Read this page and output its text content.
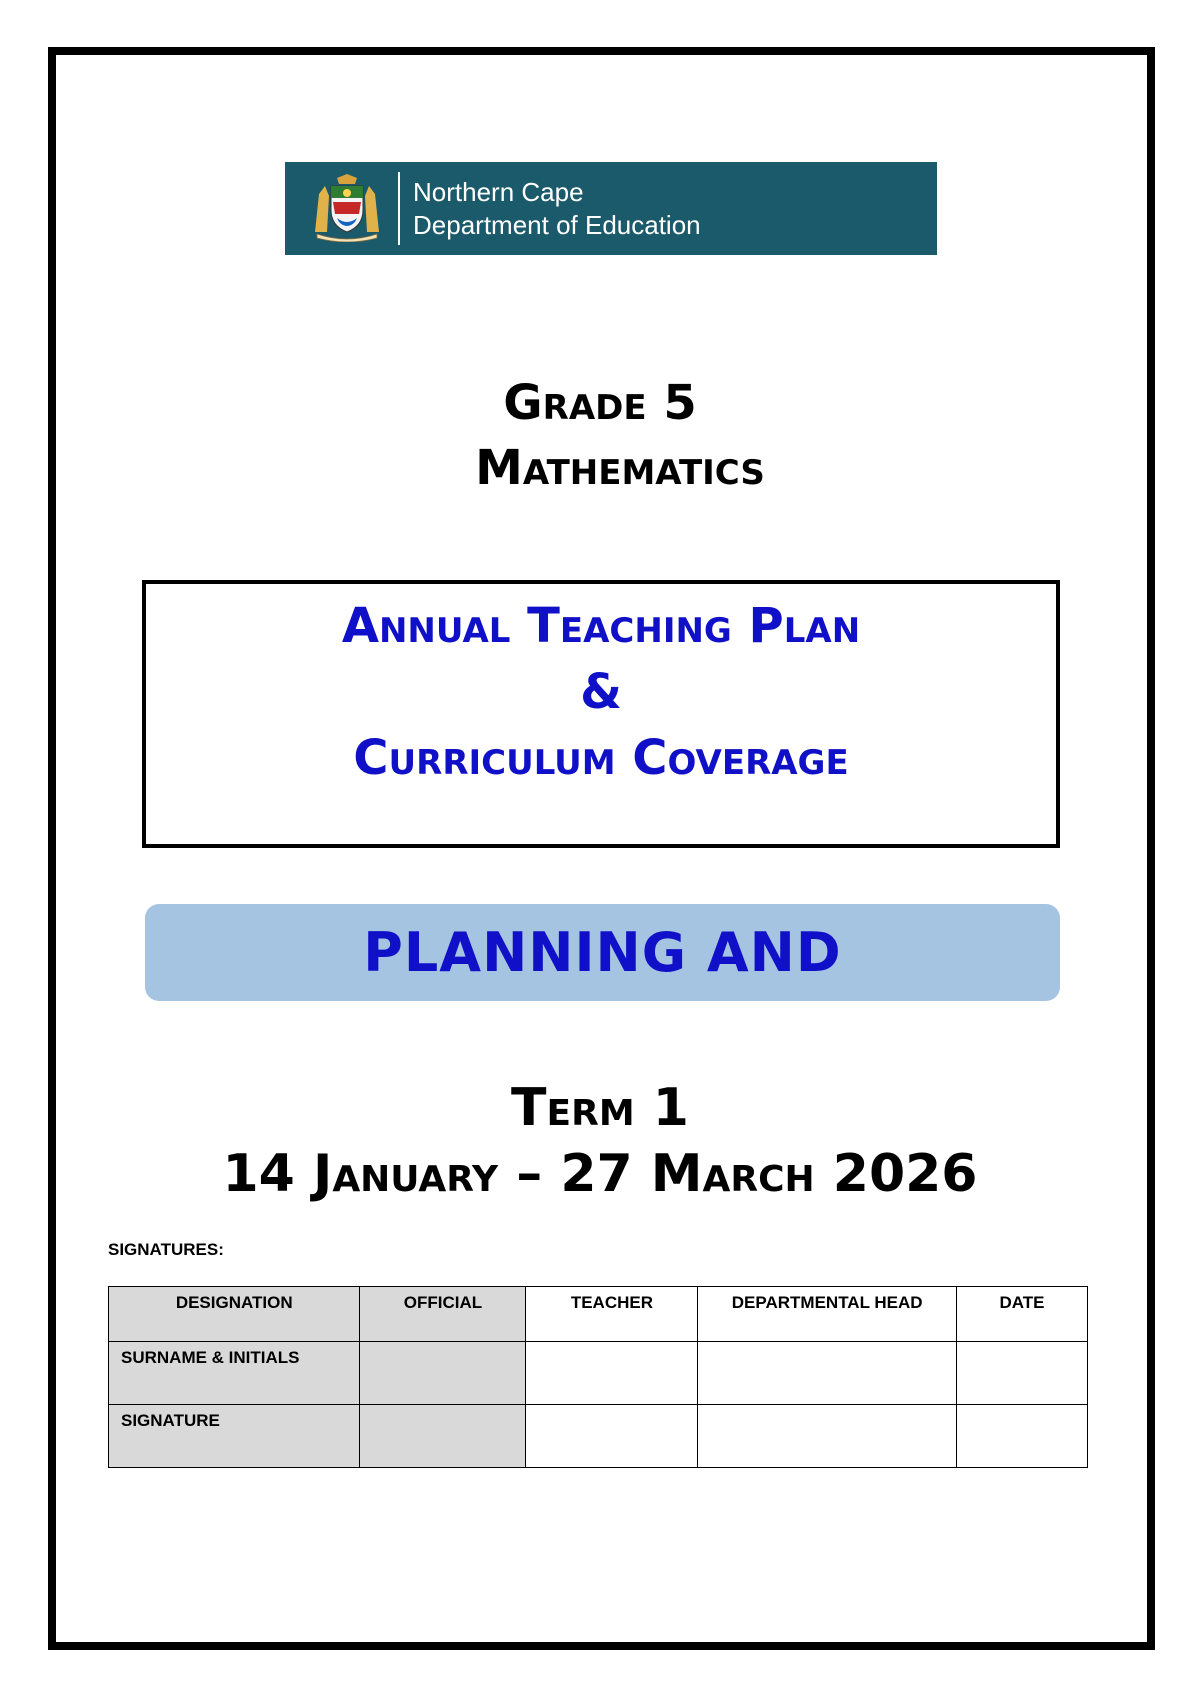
Northern Cape
Department of Education
Grade 5
Mathematics
Annual Teaching Plan
&
Curriculum Coverage
PLANNING AND
Term 1
14 January – 27 March 2026
SIGNATURES:
DESIGNATION	OFFICIAL	TEACHER	DEPARTMENTAL HEAD	DATE
SURNAME & INITIALS				
SIGNATURE				
